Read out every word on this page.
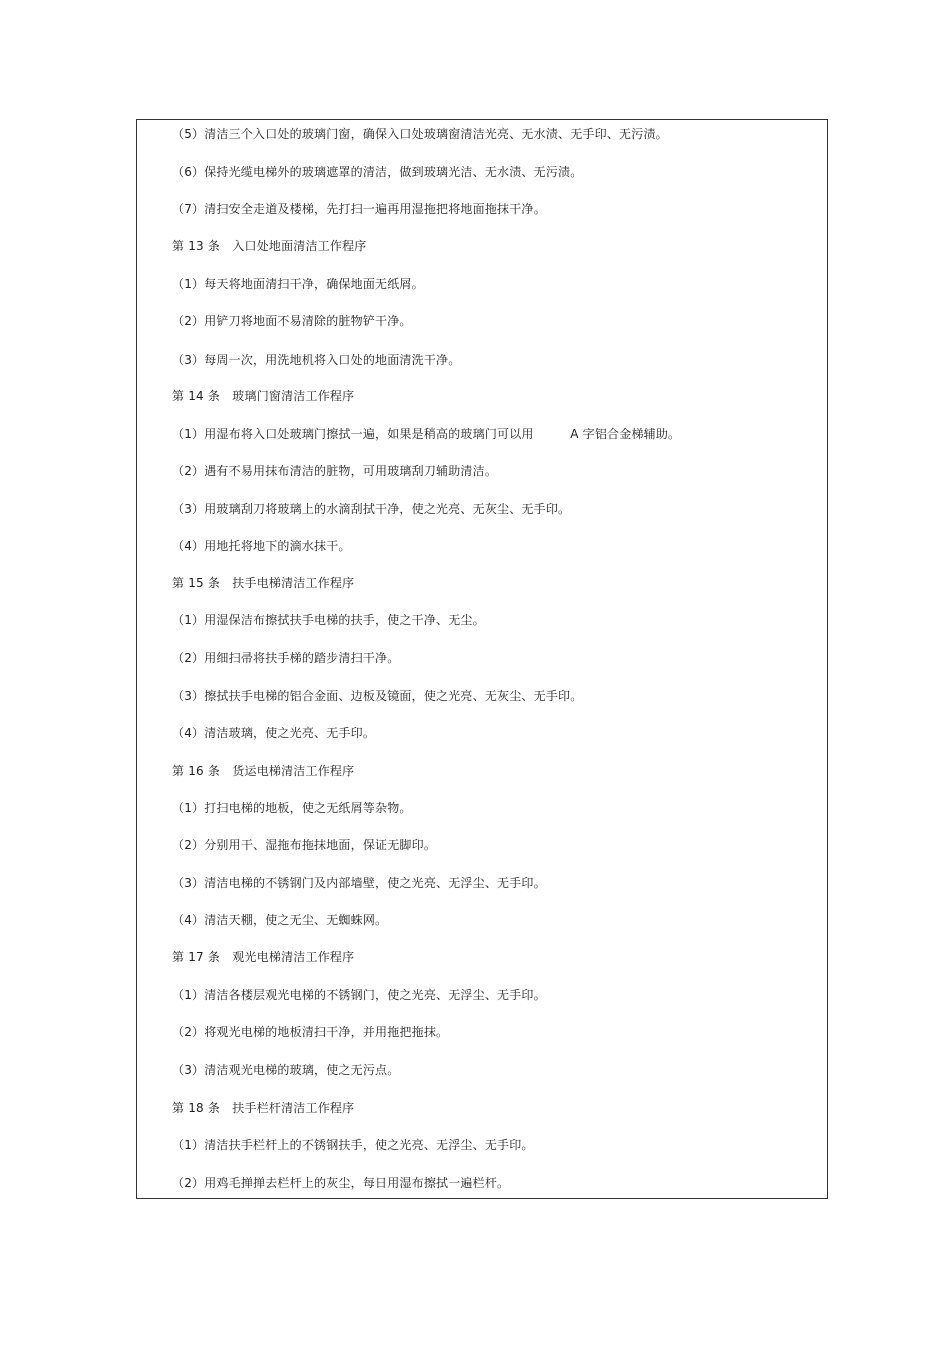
（5）清洁三个入口处的玻璃门窗，确保入口处玻璃窗清洁光亮、无水渍、无手印、无污渍。
（6）保持光缆电梯外的玻璃遮罩的清洁，做到玻璃光洁、无水渍、无污渍。
（7）清扫安全走道及楼梯，先打扫一遍再用湿拖把将地面拖抹干净。
第 13 条　入口处地面清洁工作程序
（1）每天将地面清扫干净，确保地面无纸屑。
（2）用铲刀将地面不易清除的脏物铲干净。
（3）每周一次，用洗地机将入口处的地面清洗干净。
第 14 条　玻璃门窗清洁工作程序
（1）用湿布将入口处玻璃门擦拭一遍，如果是稍高的玻璃门可以用　　　A 字铝合金梯辅助。
（2）遇有不易用抹布清洁的脏物，可用玻璃刮刀辅助清洁。
（3）用玻璃刮刀将玻璃上的水滴刮拭干净，使之光亮、无灰尘、无手印。
（4）用地托将地下的滴水抹干。
第 15 条　扶手电梯清洁工作程序
（1）用湿保洁布擦拭扶手电梯的扶手，使之干净、无尘。
（2）用细扫帚将扶手梯的踏步清扫干净。
（3）擦拭扶手电梯的铝合金面、边板及镜面，使之光亮、无灰尘、无手印。
（4）清洁玻璃，使之光亮、无手印。
第 16 条　货运电梯清洁工作程序
（1）打扫电梯的地板，使之无纸屑等杂物。
（2）分别用干、湿拖布拖抹地面，保证无脚印。
（3）清洁电梯的不锈钢门及内部墙壁，使之光亮、无浮尘、无手印。
（4）清洁天棚，使之无尘、无蜘蛛网。
第 17 条　观光电梯清洁工作程序
（1）清洁各楼层观光电梯的不锈钢门，使之光亮、无浮尘、无手印。
（2）将观光电梯的地板清扫干净，并用拖把拖抹。
（3）清洁观光电梯的玻璃，使之无污点。
第 18 条　扶手栏杆清洁工作程序
（1）清洁扶手栏杆上的不锈钢扶手，使之光亮、无浮尘、无手印。
（2）用鸡毛掸掸去栏杆上的灰尘，每日用湿布擦拭一遍栏杆。
